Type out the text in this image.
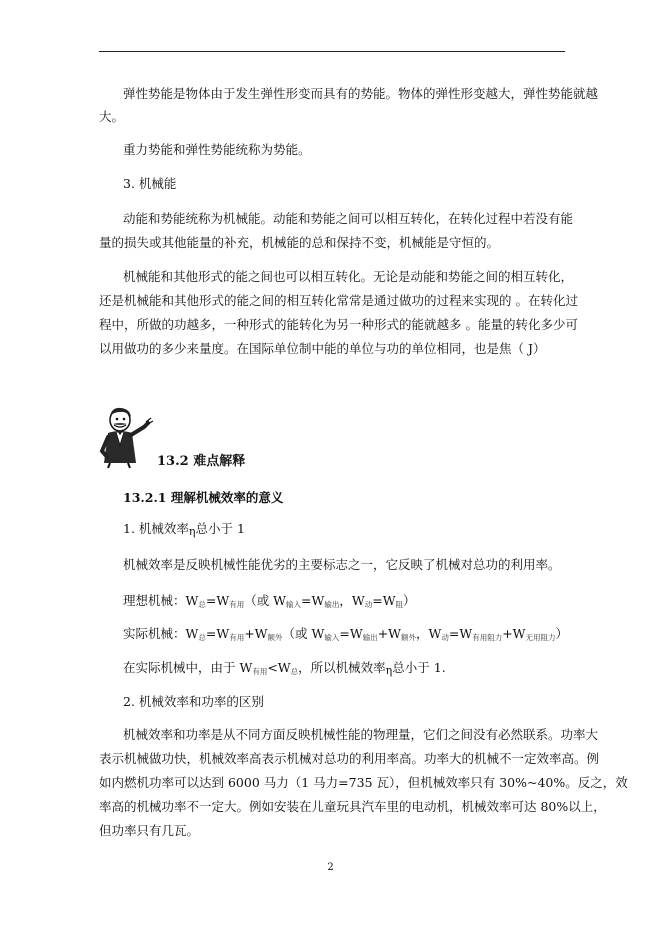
弹性势能是物体由于发生弹性形变而具有的势能。物体的弹性形变越大，弹性势能就越

大。

重力势能和弹性势能统称为势能。

3. 机械能

动能和势能统称为机械能。动能和势能之间可以相互转化，在转化过程中若没有能

量的损失或其他能量的补充，机械能的总和保持不变，机械能是守恒的。

机械能和其他形式的能之间也可以相互转化。无论是动能和势能之间的相互转化，

还是机械能和其他形式的能之间的相互转化常常是通过做功的过程来实现的 。在转化过

程中，所做的功越多，一种形式的能转化为另一种形式的能就越多 。能量的转化多少可

以用做功的多少来量度。在国际单位制中能的单位与功的单位相同，也是焦（ J）

13.2 难点解释
13.2.1 理解机械效率的意义

1. 机械效率η总小于 1

机械效率是反映机械性能优劣的主要标志之一，它反映了机械对总功的利用率。

理想机械：$W_总=W_{有用}$（或 $W_{输入}=W_{输出}$，$W_动=W_阻$）

实际机械：$W_总=W_{有用}+W_{额外}$（或 $W_{输入}=W_{输出}+W_{额外}$，$W_动=W_{有用阻力}+W_{无用阻力}$）

在实际机械中，由于 $W_{有用}<W_总$，所以机械效率η总小于 1.

2. 机械效率和功率的区别

机械效率和功率是从不同方面反映机械性能的物理量，它们之间没有必然联系。功率大

表示机械做功快，机械效率高表示机械对总功的利用率高。功率大的机械不一定效率高。例

如内燃机功率可以达到 6000 马力（1 马力=735 瓦），但机械效率只有 30%~40%。反之，效

率高的机械功率不一定大。例如安装在儿童玩具汽车里的电动机，机械效率可达 80%以上，

但功率只有几瓦。

2
